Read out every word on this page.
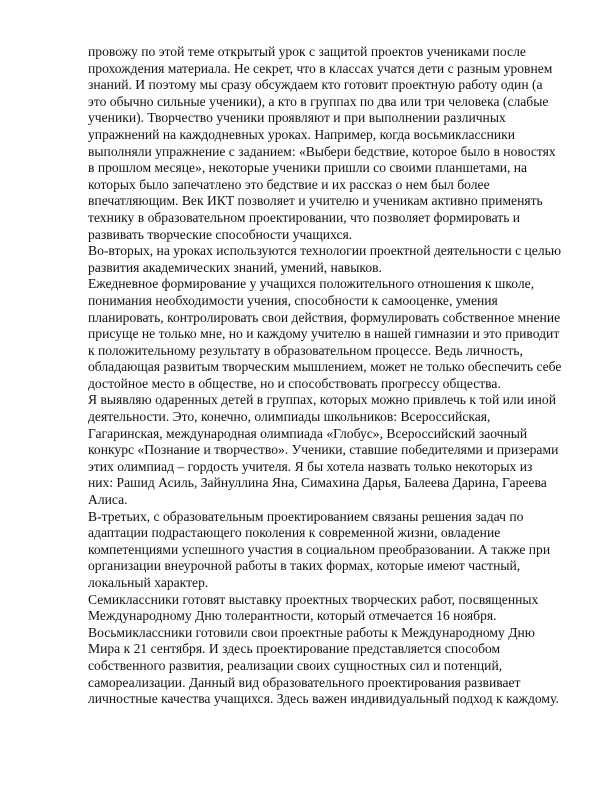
провожу по этой теме открытый урок с защитой проектов учениками после
прохождения материала. Не секрет, что в классах учатся дети с разным уровнем
знаний. И поэтому мы сразу обсуждаем кто готовит проектную работу один (а
это обычно сильные ученики), а кто в группах по два или три человека (слабые
ученики). Творчество ученики проявляют и при выполнении различных
упражнений на каждодневных уроках. Например, когда восьмиклассники
выполняли упражнение с заданием: «Выбери бедствие, которое было в новостях
в прошлом месяце», некоторые ученики пришли со своими планшетами, на
которых было запечатлено это бедствие и их рассказ о нем был более
впечатляющим. Век ИКТ позволяет и учителю и ученикам активно применять
технику в образовательном проектировании, что позволяет формировать и
развивать творческие способности учащихся.

Во-вторых, на уроках используются технологии проектной деятельности с целью
развития академических знаний, умений, навыков.

Ежедневное формирование у учащихся положительного отношения к школе,
понимания необходимости учения, способности к самооценке, умения
планировать, контролировать свои действия, формулировать собственное мнение
присуще не только мне, но и каждому учителю в нашей гимназии и это приводит
к положительному результату в образовательном процессе. Ведь личность,
обладающая развитым творческим мышлением, может не только обеспечить себе
достойное место в обществе, но и способствовать прогрессу общества.

Я выявляю одаренных детей в группах, которых можно привлечь к той или иной
деятельности. Это, конечно, олимпиады школьников: Всероссийская,
Гагаринская, международная олимпиада «Глобус», Всероссийский заочный
конкурс «Познание и творчество». Ученики, ставшие победителями и призерами
этих олимпиад – гордость учителя. Я бы хотела назвать только некоторых из
них: Рашид Асиль, Зайнуллина Яна, Симахина Дарья, Балеева Дарина, Гареева
Алиса.

В-третьих, с образовательным проектированием связаны решения задач по
адаптации подрастающего поколения к современной жизни, овладение
компетенциями успешного участия в социальном преобразовании. А также при
организации внеурочной работы в таких формах, которые имеют частный,
локальный характер.

Семиклассники готовят выставку проектных творческих работ, посвященных
Международному Дню толерантности, который отмечается 16 ноября.
Восьмиклассники готовили свои проектные работы к Международному Дню
Мира к 21 сентября. И здесь проектирование представляется способом
собственного развития, реализации своих сущностных сил и потенций,
самореализации. Данный вид образовательного проектирования развивает
личностные качества учащихся. Здесь важен индивидуальный подход к каждому.
